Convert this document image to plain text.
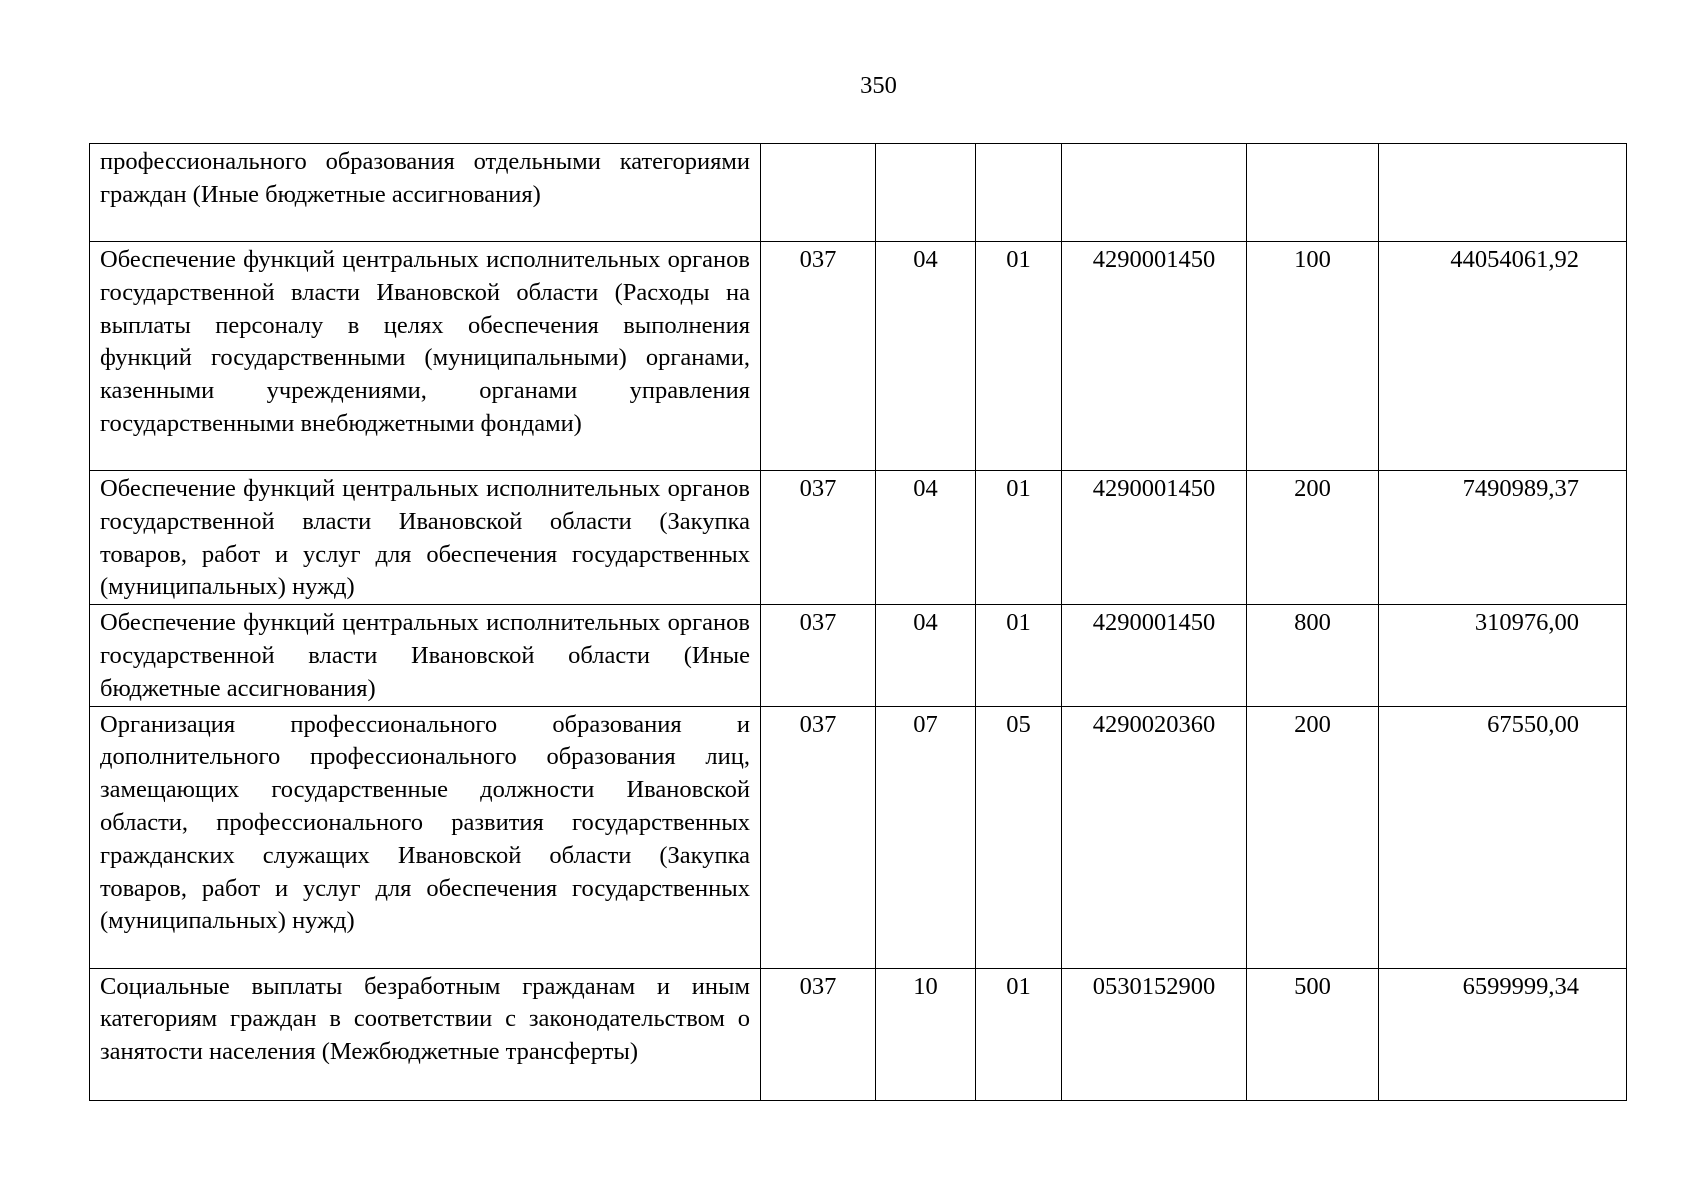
350
профессионального образования отдельными категориями граждан (Иные бюджетные ассигнования)						
Обеспечение функций центральных исполнительных органов государственной власти Ивановской области (Расходы на выплаты персоналу в целях обеспечения выполнения функций государственными (муниципальными) органами, казенными учреждениями, органами управления государственными внебюджетными фондами)	037	04	01	4290001450	100	44054061,92
Обеспечение функций центральных исполнительных органов государственной власти Ивановской области (Закупка товаров, работ и услуг для обеспечения государственных (муниципальных) нужд)	037	04	01	4290001450	200	7490989,37
Обеспечение функций центральных исполнительных органов государственной власти Ивановской области (Иные бюджетные ассигнования)	037	04	01	4290001450	800	310976,00
Организация профессионального образования и дополнительного профессионального образования лиц, замещающих государственные должности Ивановской области, профессионального развития государственных гражданских служащих Ивановской области (Закупка товаров, работ и услуг для обеспечения государственных (муниципальных) нужд)	037	07	05	4290020360	200	67550,00
Социальные выплаты безработным гражданам и иным категориям граждан в соответствии с законодательством о занятости населения (Межбюджетные трансферты)	037	10	01	0530152900	500	6599999,34
